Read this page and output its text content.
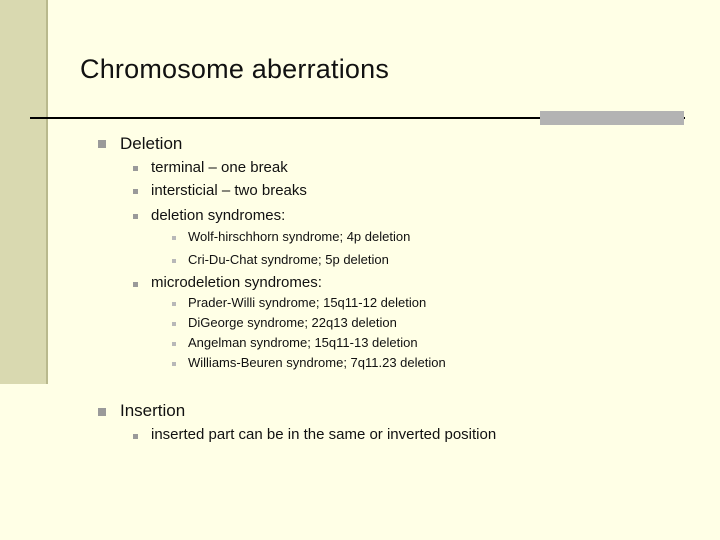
Chromosome aberrations
Deletion
terminal – one break
intersticial – two breaks
deletion syndromes:
Wolf-hirschhorn syndrome; 4p deletion
Cri-Du-Chat syndrome; 5p deletion
microdeletion syndromes:
Prader-Willi syndrome; 15q11-12 deletion
DiGeorge syndrome; 22q13 deletion
Angelman syndrome; 15q11-13 deletion
Williams-Beuren syndrome; 7q11.23 deletion
Insertion
inserted part can be in the same or inverted position
